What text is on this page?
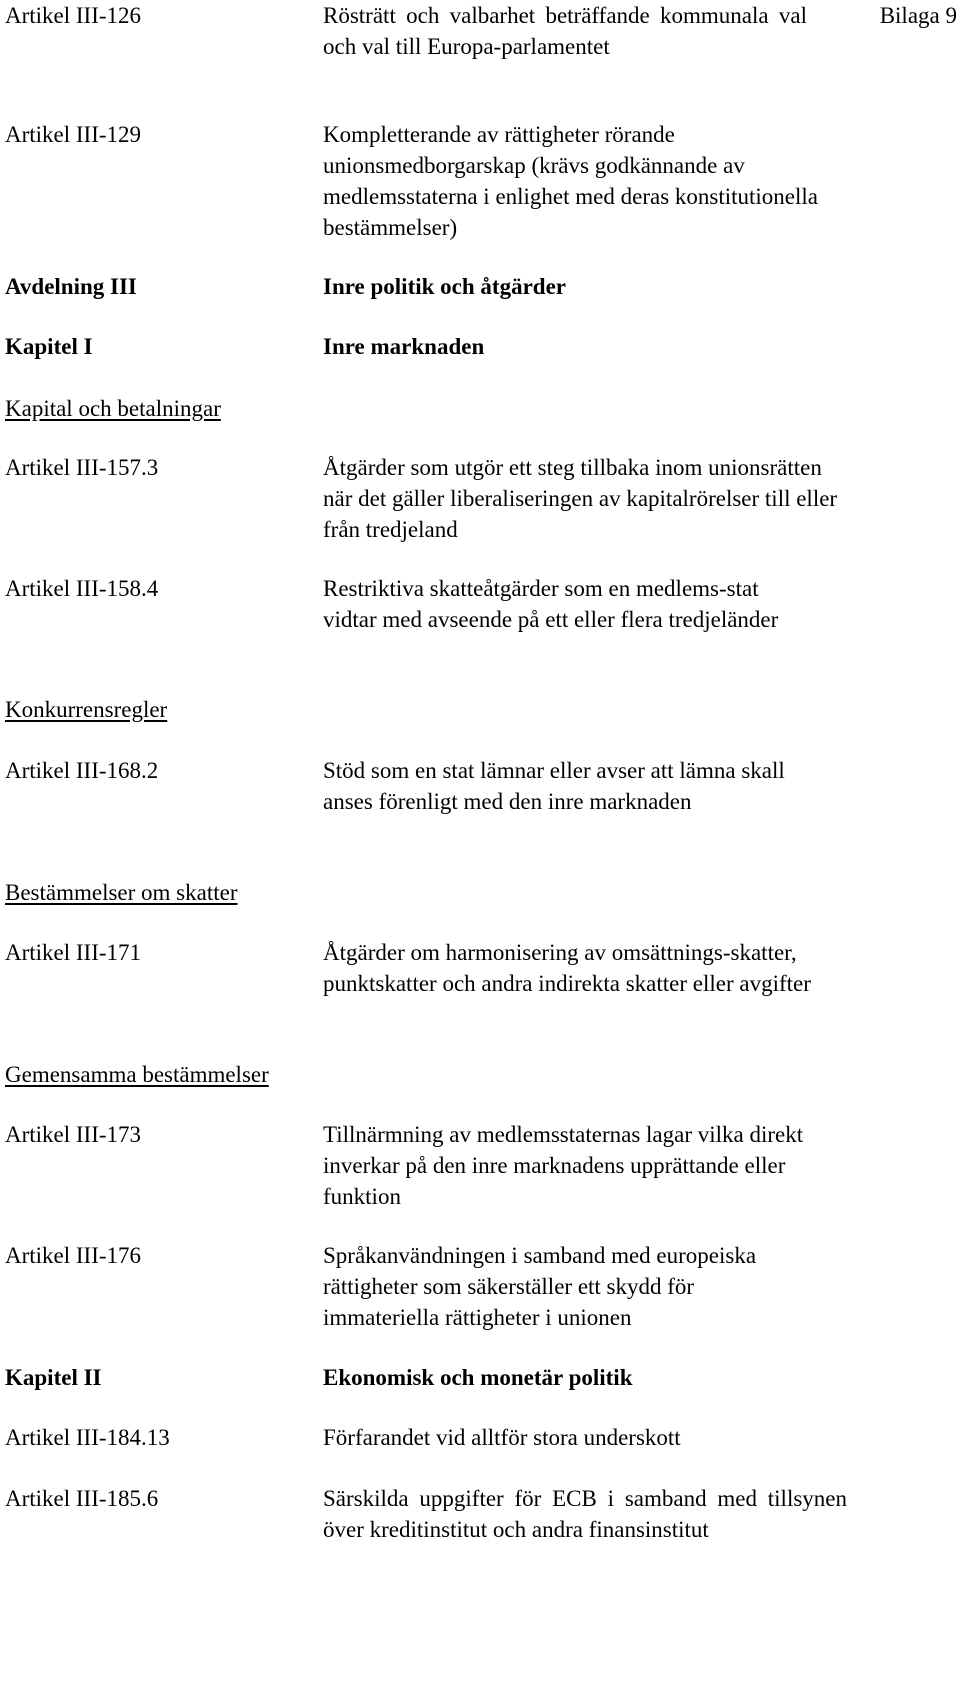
Bilaga 9
Artikel III-126	Rösträtt och valbarhet beträffande kommunala val och val till Europa-parlamentet
Artikel III-129	Kompletterande av rättigheter rörande unionsmedborgarskap (krävs godkännande av medlemsstaterna i enlighet med deras konstitutionella bestämmelser)
Avdelning III	Inre politik och åtgärder
Kapitel I	Inre marknaden
Kapital och betalningar
Artikel III-157.3	Åtgärder som utgör ett steg tillbaka inom unionsrätten när det gäller liberaliseringen av kapitalrörelser till eller från tredjeland
Artikel III-158.4	Restriktiva skatteåtgärder som en medlems-stat vidtar med avseende på ett eller flera tredjeländer
Konkurrensregler
Artikel III-168.2	Stöd som en stat lämnar eller avser att lämna skall anses förenligt med den inre marknaden
Bestämmelser om skatter
Artikel III-171	Åtgärder om harmonisering av omsättnings-skatter, punktskatter och andra indirekta skatter eller avgifter
Gemensamma bestämmelser
Artikel III-173	Tillnärmning av medlemsstaternas lagar vilka direkt inverkar på den inre marknadens upprättande eller funktion
Artikel III-176	Språkanvändningen i samband med europeiska rättigheter som säkerställer ett skydd för immateriella rättigheter i unionen
Kapitel II	Ekonomisk och monetär politik
Artikel III-184.13	Förfarandet vid alltför stora underskott
Artikel III-185.6	Särskilda uppgifter för ECB i samband med tillsynen över kreditinstitut och andra finansinstitut
